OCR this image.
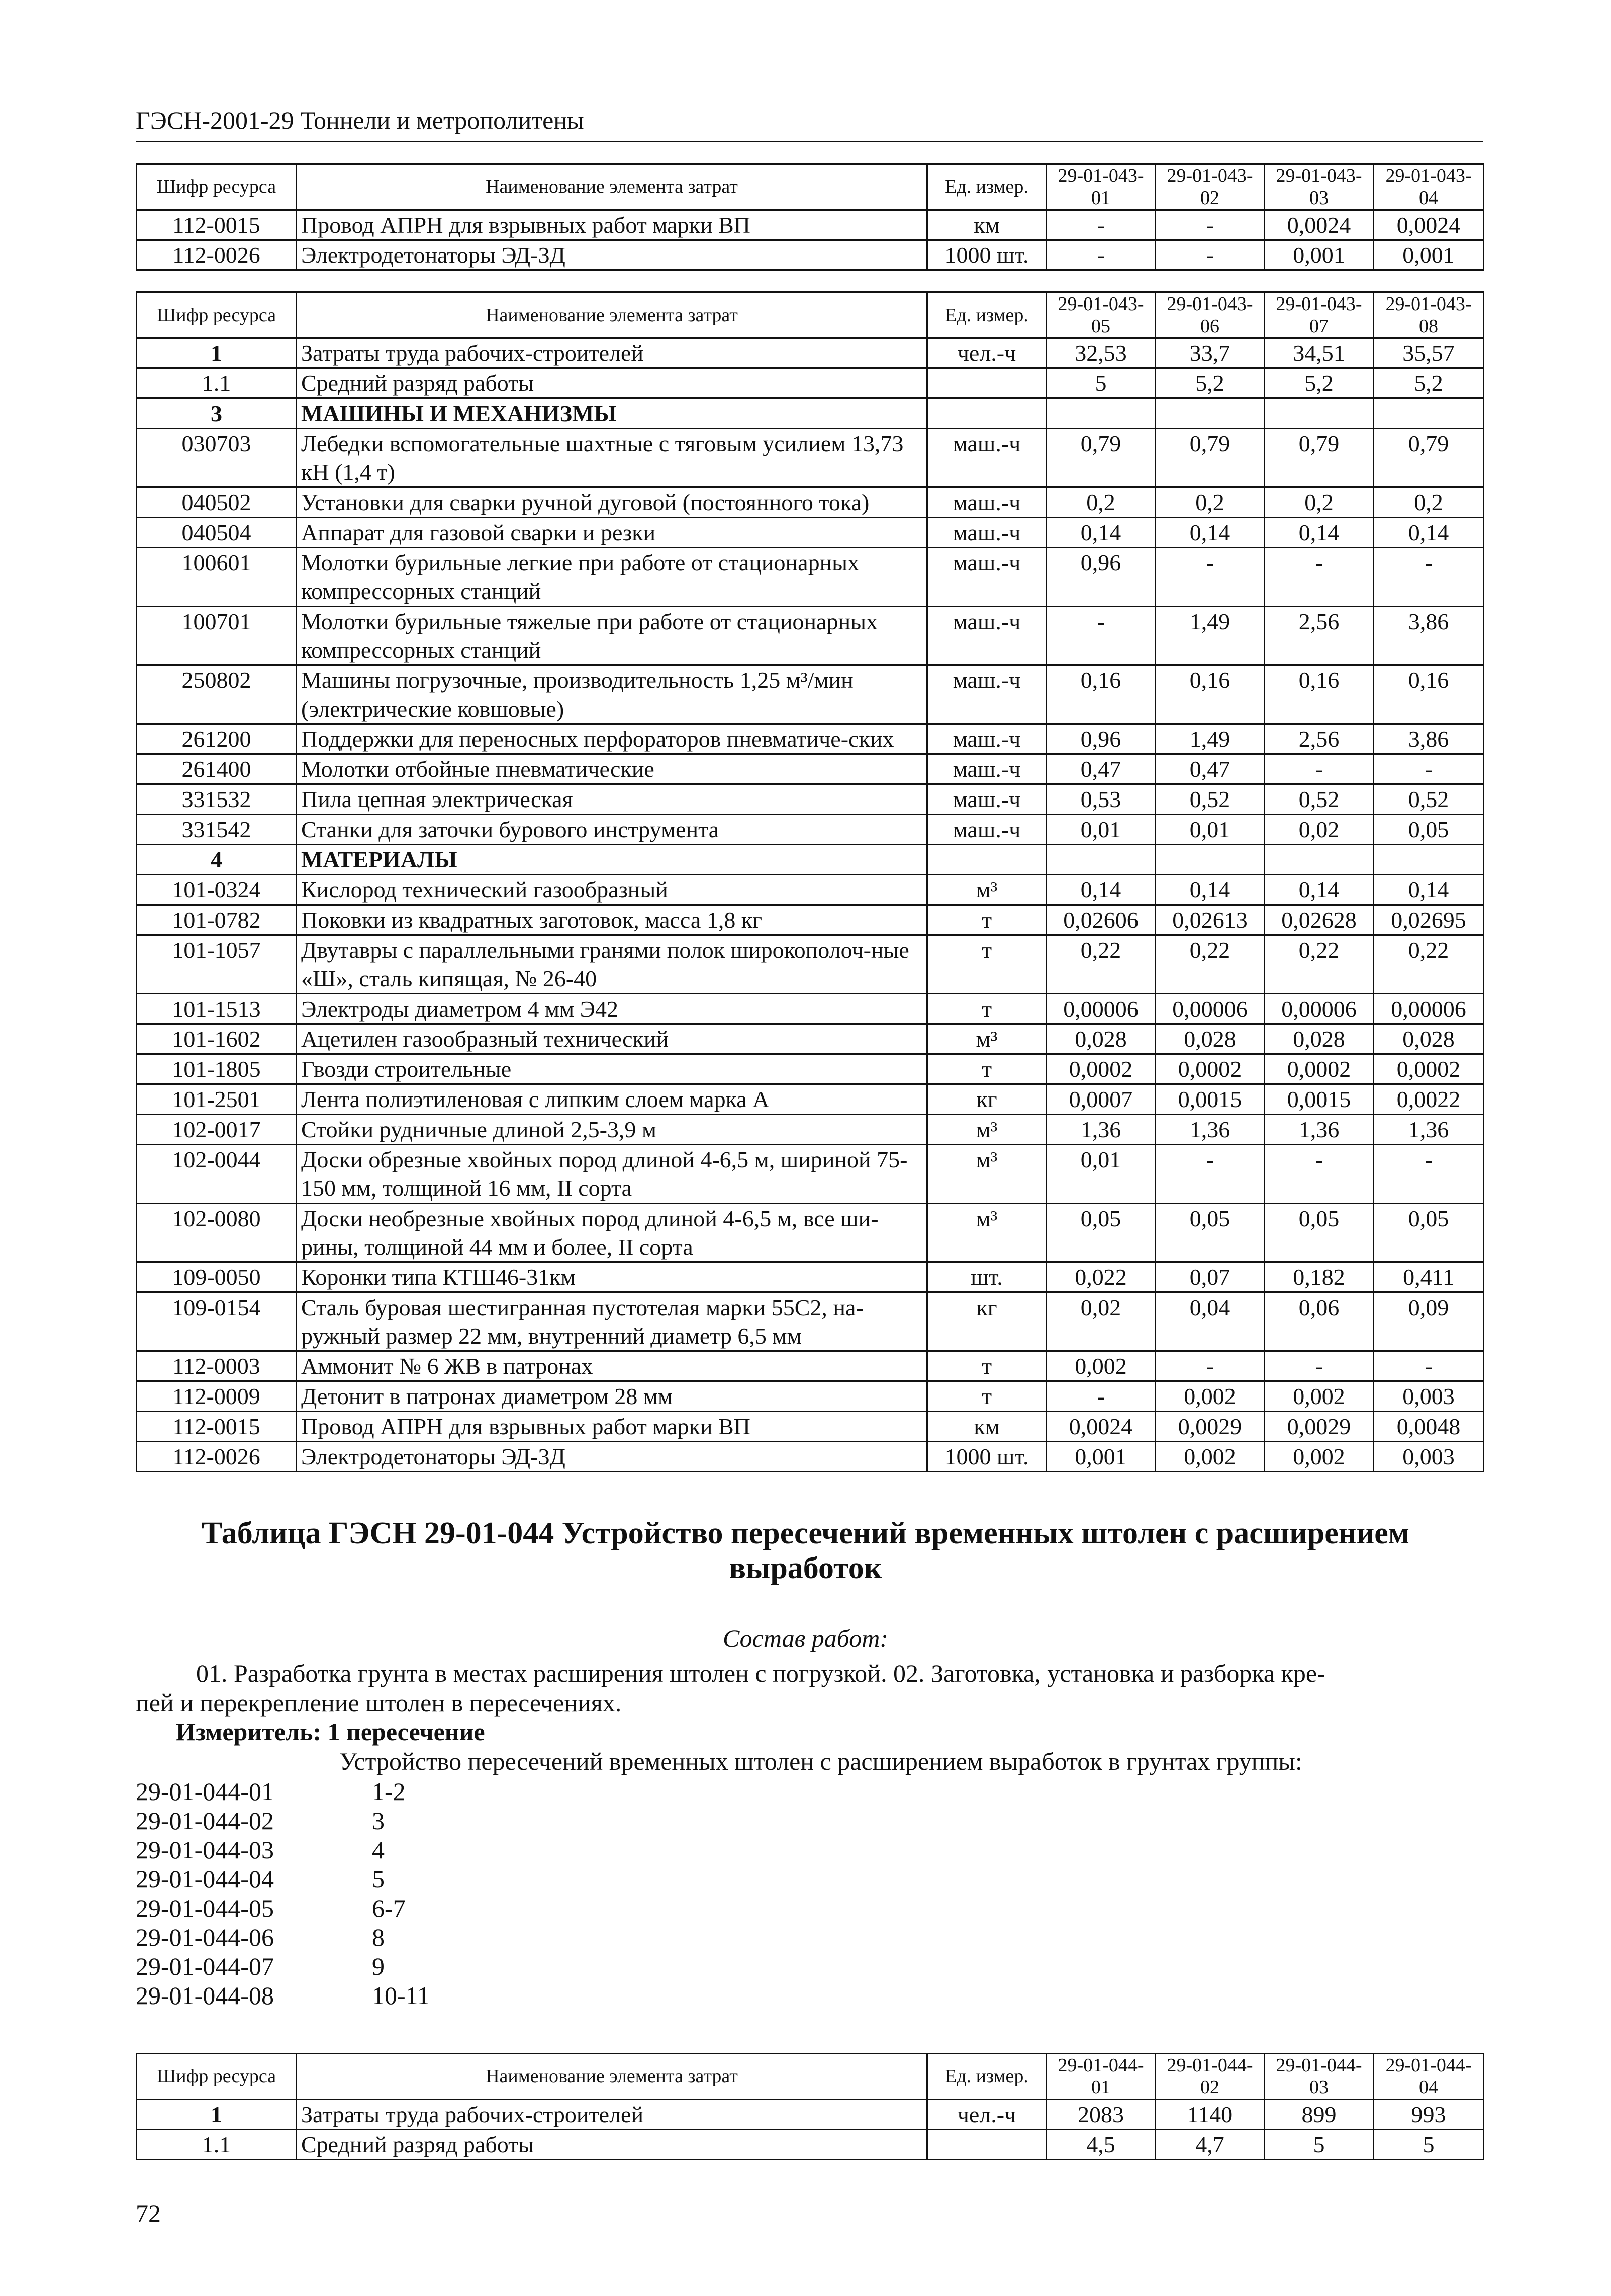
ГЭСН-2001-29 Тоннели и метрополитены
Шифр ресурса	Наименование элемента затрат	Ед. измер.	29-01-043-01	29-01-043-02	29-01-043-03	29-01-043-04
112-0015	Провод АПРН для взрывных работ марки ВП	км	-	-	0,0024	0,0024
112-0026	Электродетонаторы ЭД-3Д	1000 шт.	-	-	0,001	0,001
Шифр ресурса	Наименование элемента затрат	Ед. измер.	29-01-043-05	29-01-043-06	29-01-043-07	29-01-043-08
1	Затраты труда рабочих-строителей	чел.-ч	32,53	33,7	34,51	35,57
1.1	Средний разряд работы		5	5,2	5,2	5,2
3	МАШИНЫ И МЕХАНИЗМЫ					
030703	Лебедки вспомогательные шахтные с тяговым усилием 13,73 кН (1,4 т)	маш.-ч	0,79	0,79	0,79	0,79
040502	Установки для сварки ручной дуговой (постоянного тока)	маш.-ч	0,2	0,2	0,2	0,2
040504	Аппарат для газовой сварки и резки	маш.-ч	0,14	0,14	0,14	0,14
100601	Молотки бурильные легкие при работе от стационарных компрессорных станций	маш.-ч	0,96	-	-	-
100701	Молотки бурильные тяжелые при работе от стационарных компрессорных станций	маш.-ч	-	1,49	2,56	3,86
250802	Машины погрузочные, производительность 1,25 м³/мин (электрические ковшовые)	маш.-ч	0,16	0,16	0,16	0,16
261200	Поддержки для переносных перфораторов пневматиче-ских	маш.-ч	0,96	1,49	2,56	3,86
261400	Молотки отбойные пневматические	маш.-ч	0,47	0,47	-	-
331532	Пила цепная электрическая	маш.-ч	0,53	0,52	0,52	0,52
331542	Станки для заточки бурового инструмента	маш.-ч	0,01	0,01	0,02	0,05
4	МАТЕРИАЛЫ					
101-0324	Кислород технический газообразный	м³	0,14	0,14	0,14	0,14
101-0782	Поковки из квадратных заготовок, масса 1,8 кг	т	0,02606	0,02613	0,02628	0,02695
101-1057	Двутавры с параллельными гранями полок широкополоч-ные «Ш», сталь кипящая, № 26-40	т	0,22	0,22	0,22	0,22
101-1513	Электроды диаметром 4 мм Э42	т	0,00006	0,00006	0,00006	0,00006
101-1602	Ацетилен газообразный технический	м³	0,028	0,028	0,028	0,028
101-1805	Гвозди строительные	т	0,0002	0,0002	0,0002	0,0002
101-2501	Лента полиэтиленовая с липким слоем марка А	кг	0,0007	0,0015	0,0015	0,0022
102-0017	Стойки рудничные длиной 2,5-3,9 м	м³	1,36	1,36	1,36	1,36
102-0044	Доски обрезные хвойных пород длиной 4-6,5 м, шириной 75-150 мм, толщиной 16 мм, II сорта	м³	0,01	-	-	-
102-0080	Доски необрезные хвойных пород длиной 4-6,5 м, все ши-рины, толщиной 44 мм и более, II сорта	м³	0,05	0,05	0,05	0,05
109-0050	Коронки типа КТШ46-31км	шт.	0,022	0,07	0,182	0,411
109-0154	Сталь буровая шестигранная пустотелая марки 55С2, на-ружный размер 22 мм, внутренний диаметр 6,5 мм	кг	0,02	0,04	0,06	0,09
112-0003	Аммонит № 6 ЖВ в патронах	т	0,002	-	-	-
112-0009	Детонит в патронах диаметром 28 мм	т	-	0,002	0,002	0,003
112-0015	Провод АПРН для взрывных работ марки ВП	км	0,0024	0,0029	0,0029	0,0048
112-0026	Электродетонаторы ЭД-3Д	1000 шт.	0,001	0,002	0,002	0,003
Таблица ГЭСН 29-01-044 Устройство пересечений временных штолен с расширением
выработок
Состав работ:
01. Разработка грунта в местах расширения штолен с погрузкой. 02. Заготовка, установка и разборка кре-
пей и перекрепление штолен в пересечениях.
Измеритель: 1 пересечение
Устройство пересечений временных штолен с расширением выработок в грунтах группы:
29-01-044-01	1-2
29-01-044-02	3
29-01-044-03	4
29-01-044-04	5
29-01-044-05	6-7
29-01-044-06	8
29-01-044-07	9
29-01-044-08	10-11
Шифр ресурса	Наименование элемента затрат	Ед. измер.	29-01-044-01	29-01-044-02	29-01-044-03	29-01-044-04
1	Затраты труда рабочих-строителей	чел.-ч	2083	1140	899	993
1.1	Средний разряд работы		4,5	4,7	5	5
72
